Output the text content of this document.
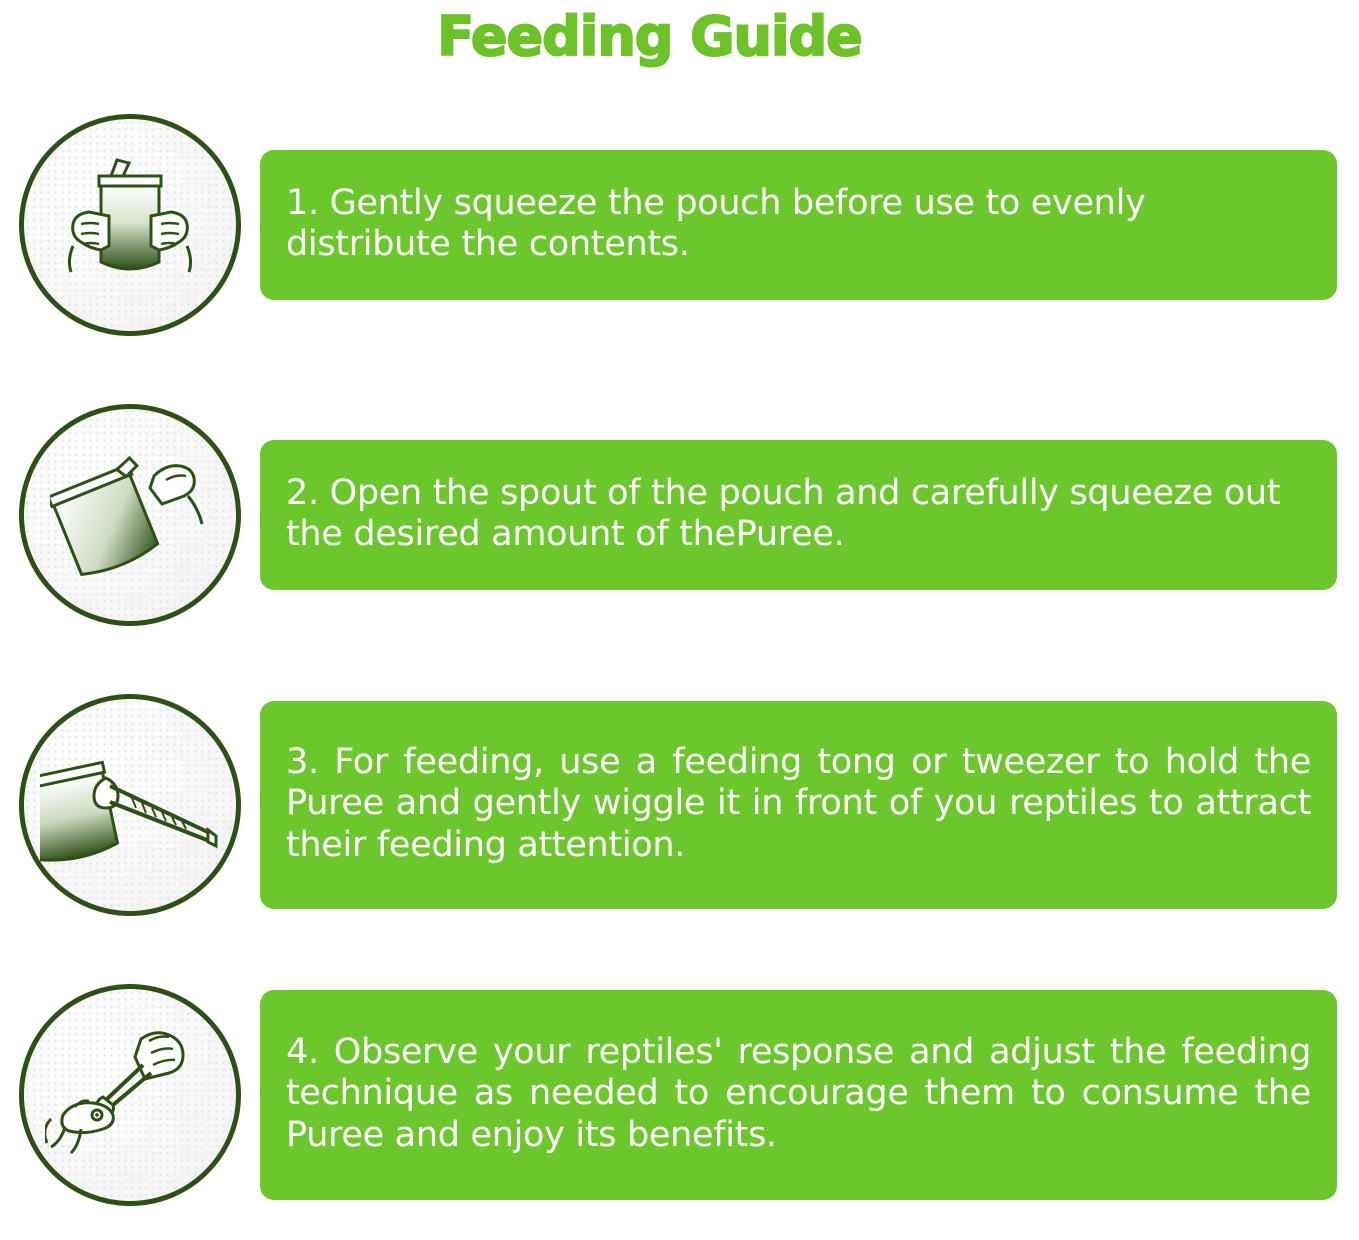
Feeding Guide
1. Gently squeeze the pouch before use to evenly distribute the contents.
2. Open the spout of the pouch and carefully squeeze out the desired amount of thePuree.
3. For feeding, use a feeding tong or tweezer to hold the Puree and gently wiggle it in front of you reptiles to attract their feeding attention.
4. Observe your reptiles' response and adjust the feeding technique as needed to encourage them to consume the Puree and enjoy its benefits.
